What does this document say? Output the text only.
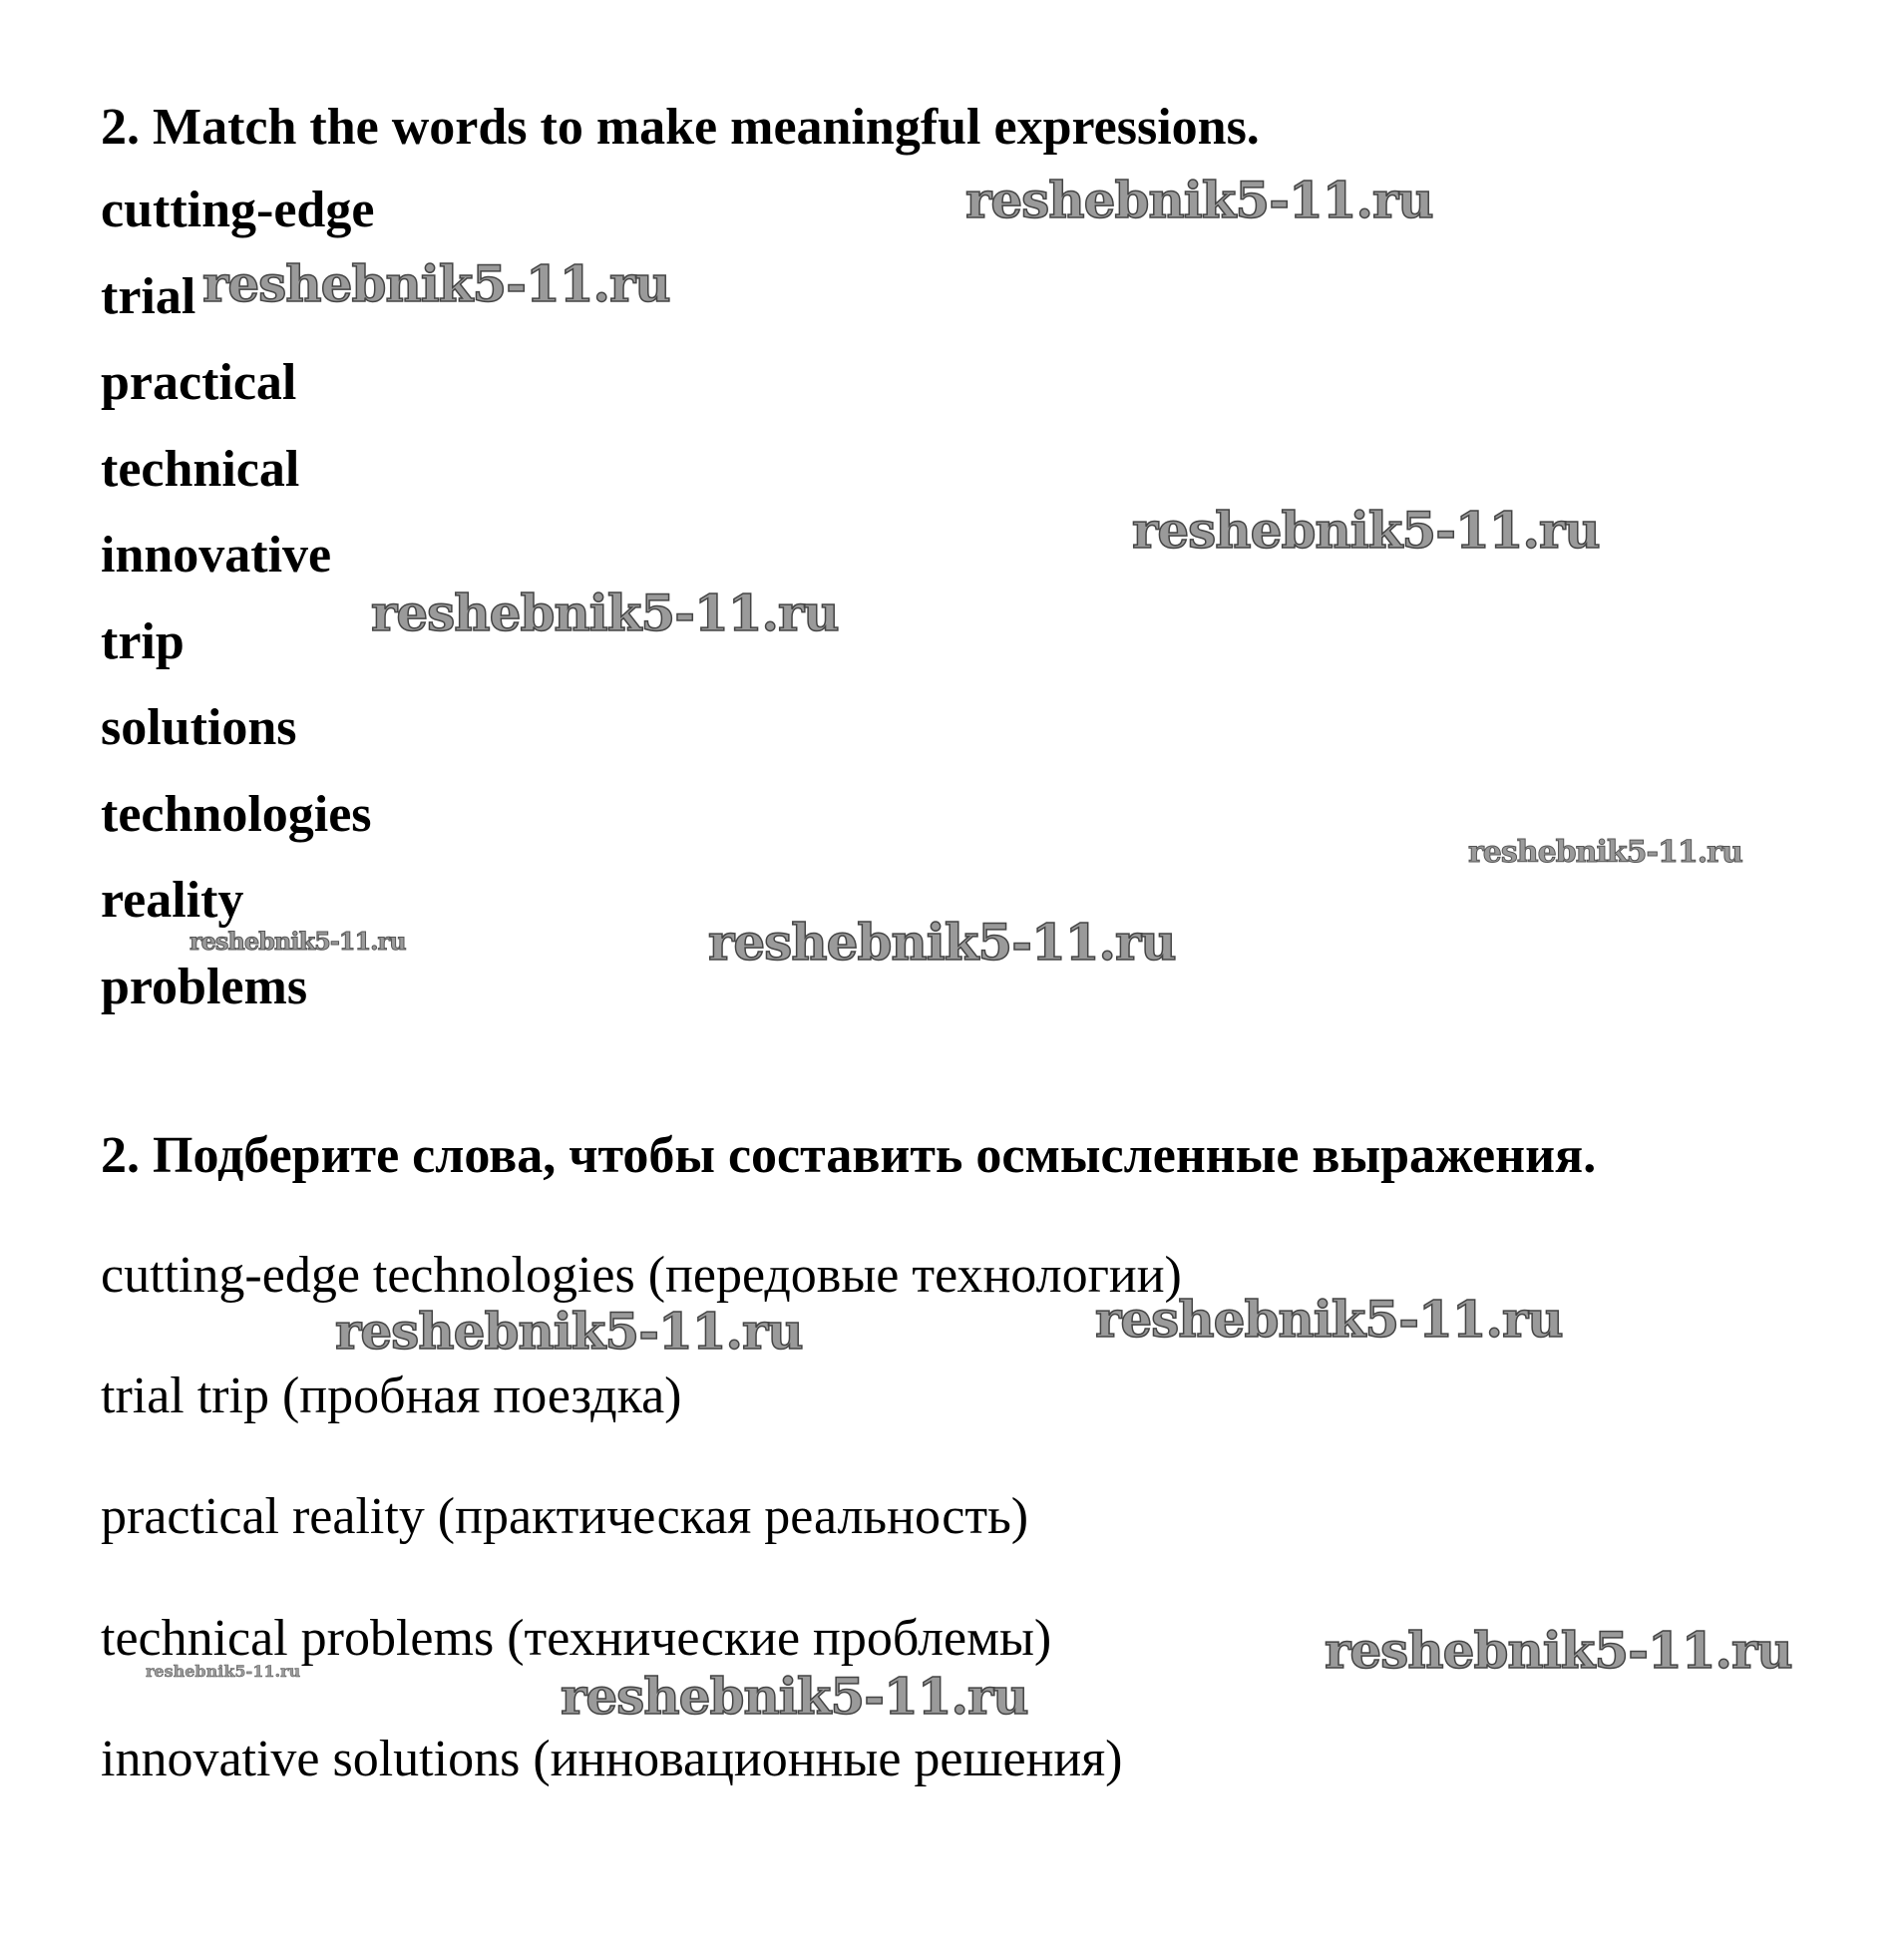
2. Match the words to make meaningful expressions.
cutting-edge
trial
practical
technical
innovative
trip
solutions
technologies
reality
problems
2. Подберите слова, чтобы составить осмысленные выражения.
cutting-edge technologies (передовые технологии)
trial trip (пробная поездка)
practical reality (практическая реальность)
technical problems (технические проблемы)
innovative solutions (инновационные решения)
reshebnik5-11.ru
reshebnik5-11.ru
reshebnik5-11.ru
reshebnik5-11.ru
reshebnik5-11.ru
reshebnik5-11.ru	reshebnik5-11.ru
reshebnik5-11.ru	reshebnik5-11.ru
reshebnik5-11.ru
reshebnik5-11.ru
reshebnik5-11.ru
